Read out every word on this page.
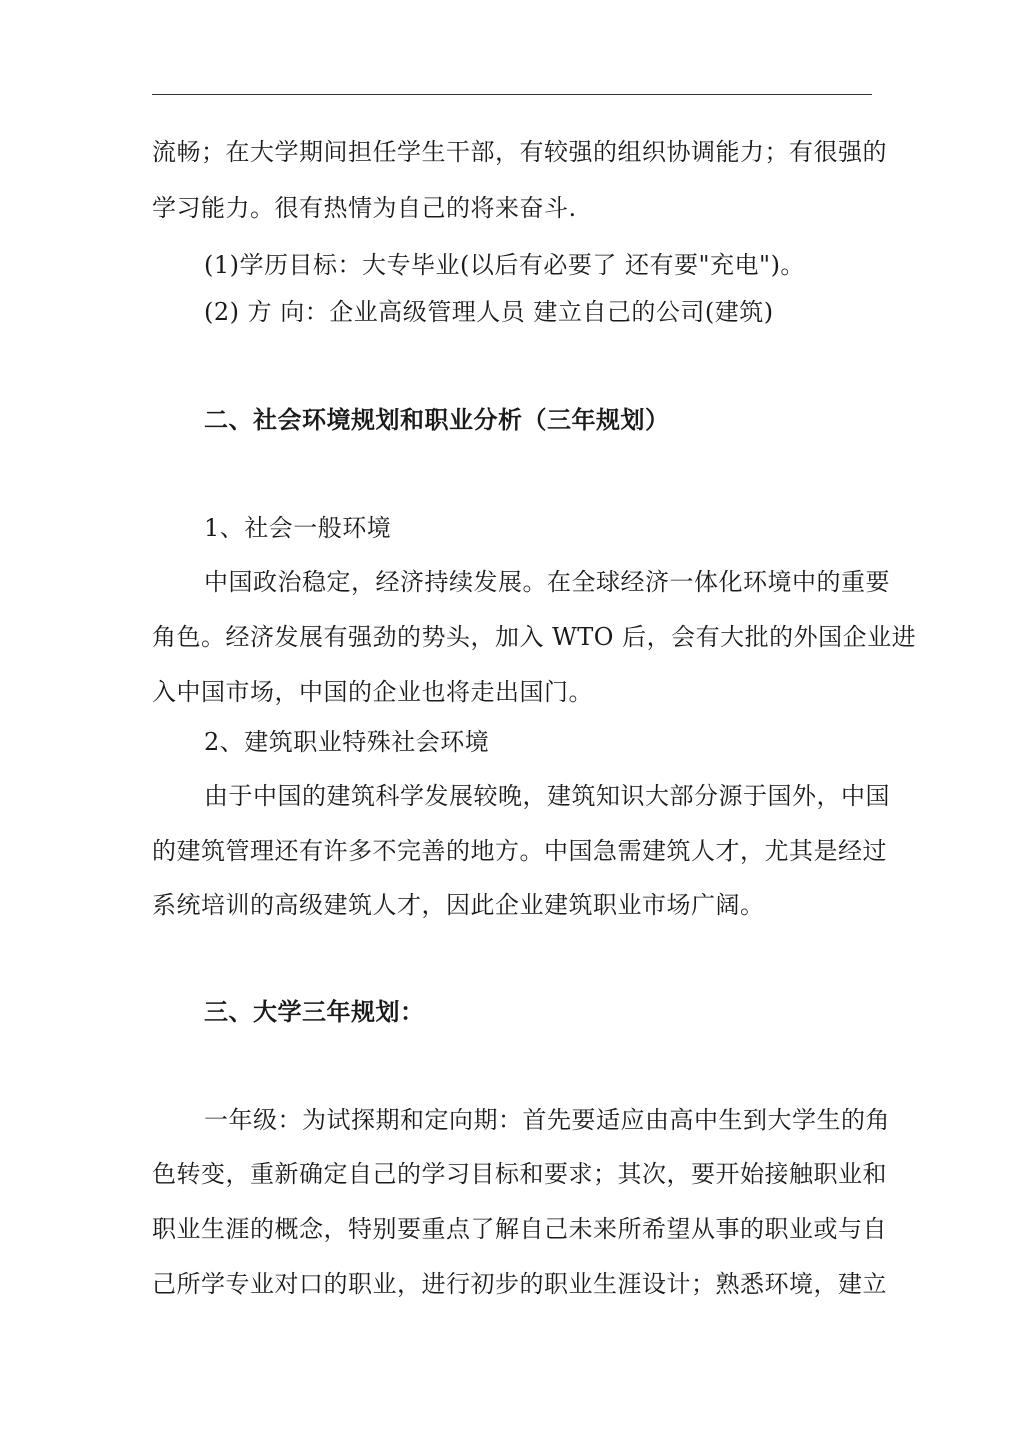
流畅；在大学期间担任学生干部，有较强的组织协调能力；有很强的

学习能力。很有热情为自己的将来奋斗.

(1)学历目标：大专毕业(以后有必要了 还有要"充电")。

(2) 方 向：企业高级管理人员 建立自己的公司(建筑)

二、社会环境规划和职业分析（三年规划）

1、社会一般环境

中国政治稳定，经济持续发展。在全球经济一体化环境中的重要

角色。经济发展有强劲的势头，加入 WTO 后，会有大批的外国企业进

入中国市场，中国的企业也将走出国门。

2、建筑职业特殊社会环境

由于中国的建筑科学发展较晚，建筑知识大部分源于国外，中国

的建筑管理还有许多不完善的地方。中国急需建筑人才，尤其是经过

系统培训的高级建筑人才，因此企业建筑职业市场广阔。

三、大学三年规划：

一年级：为试探期和定向期：首先要适应由高中生到大学生的角

色转变，重新确定自己的学习目标和要求；其次，要开始接触职业和

职业生涯的概念，特别要重点了解自己未来所希望从事的职业或与自

己所学专业对口的职业，进行初步的职业生涯设计；熟悉环境，建立
